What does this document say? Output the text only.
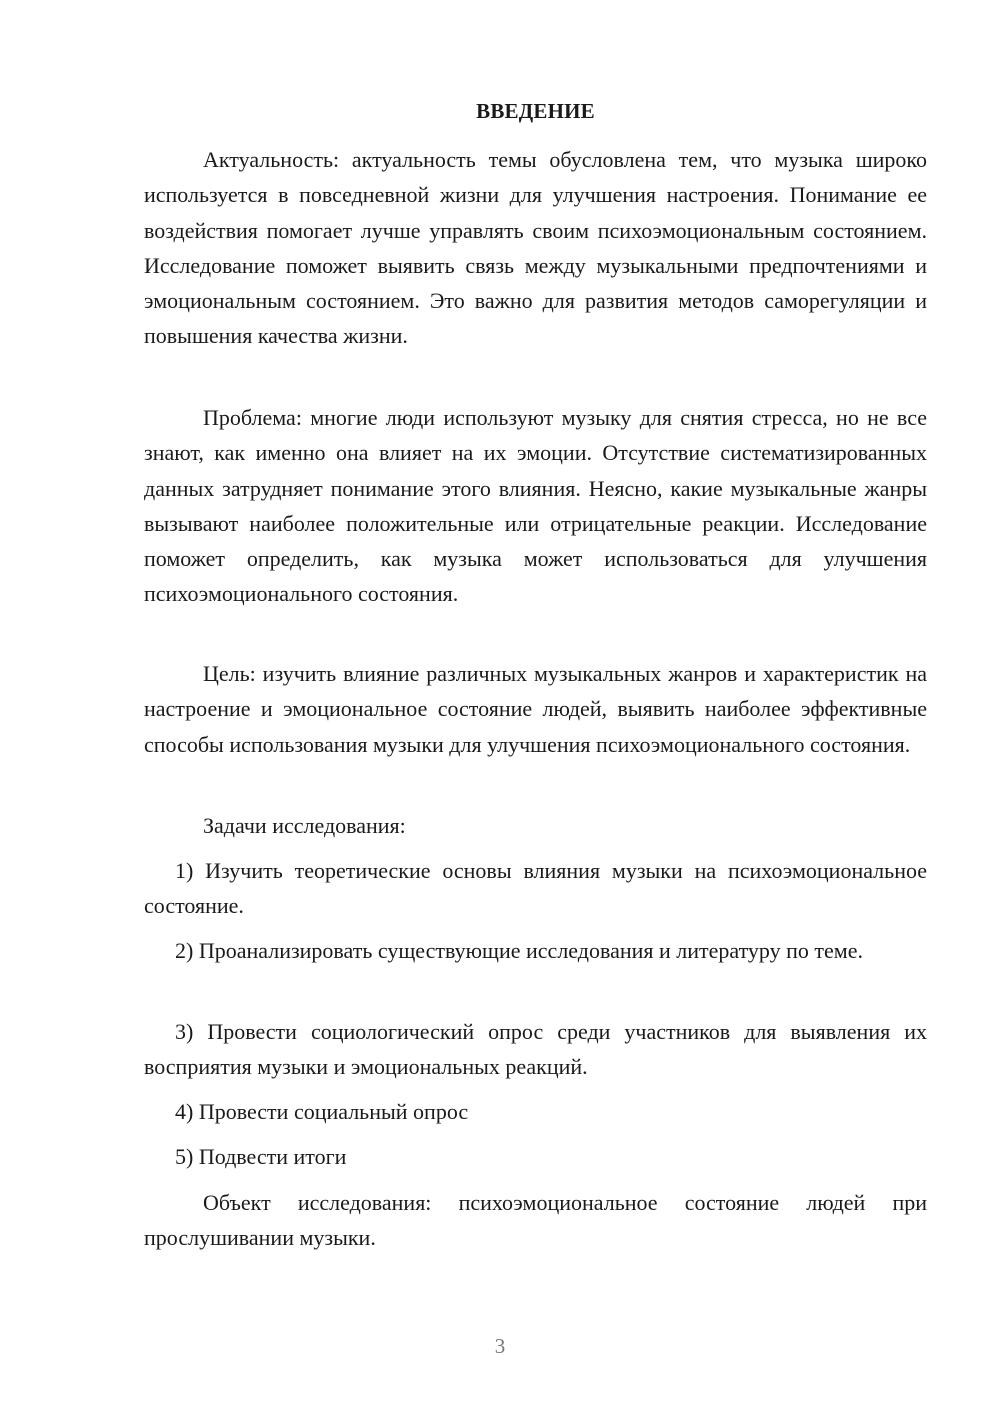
ВВЕДЕНИЕ

Актуальность: актуальность темы обусловлена тем, что музыка широко используется в повседневной жизни для улучшения настроения. Понимание ее воздействия помогает лучше управлять своим психоэмоциональным состоянием. Исследование поможет выявить связь между музыкальными предпочтениями и эмоциональным состоянием. Это важно для развития методов саморегуляции и повышения качества жизни.

Проблема: многие люди используют музыку для снятия стресса, но не все знают, как именно она влияет на их эмоции. Отсутствие систематизированных данных затрудняет понимание этого влияния. Неясно, какие музыкальные жанры вызывают наиболее положительные или отрицательные реакции. Исследование поможет определить, как музыка может использоваться для улучшения психоэмоционального состояния.

Цель: изучить влияние различных музыкальных жанров и характеристик на настроение и эмоциональное состояние людей, выявить наиболее эффективные способы использования музыки для улучшения психоэмоционального состояния.

Задачи исследования:

1) Изучить теоретические основы влияния музыки на психоэмоциональное состояние.

2) Проанализировать существующие исследования и литературу по теме.

3) Провести социологический опрос среди участников для выявления их восприятия музыки и эмоциональных реакций.

4) Провести социальный опрос

5) Подвести итоги

Объект исследования: психоэмоциональное состояние людей при прослушивании музыки.

3
